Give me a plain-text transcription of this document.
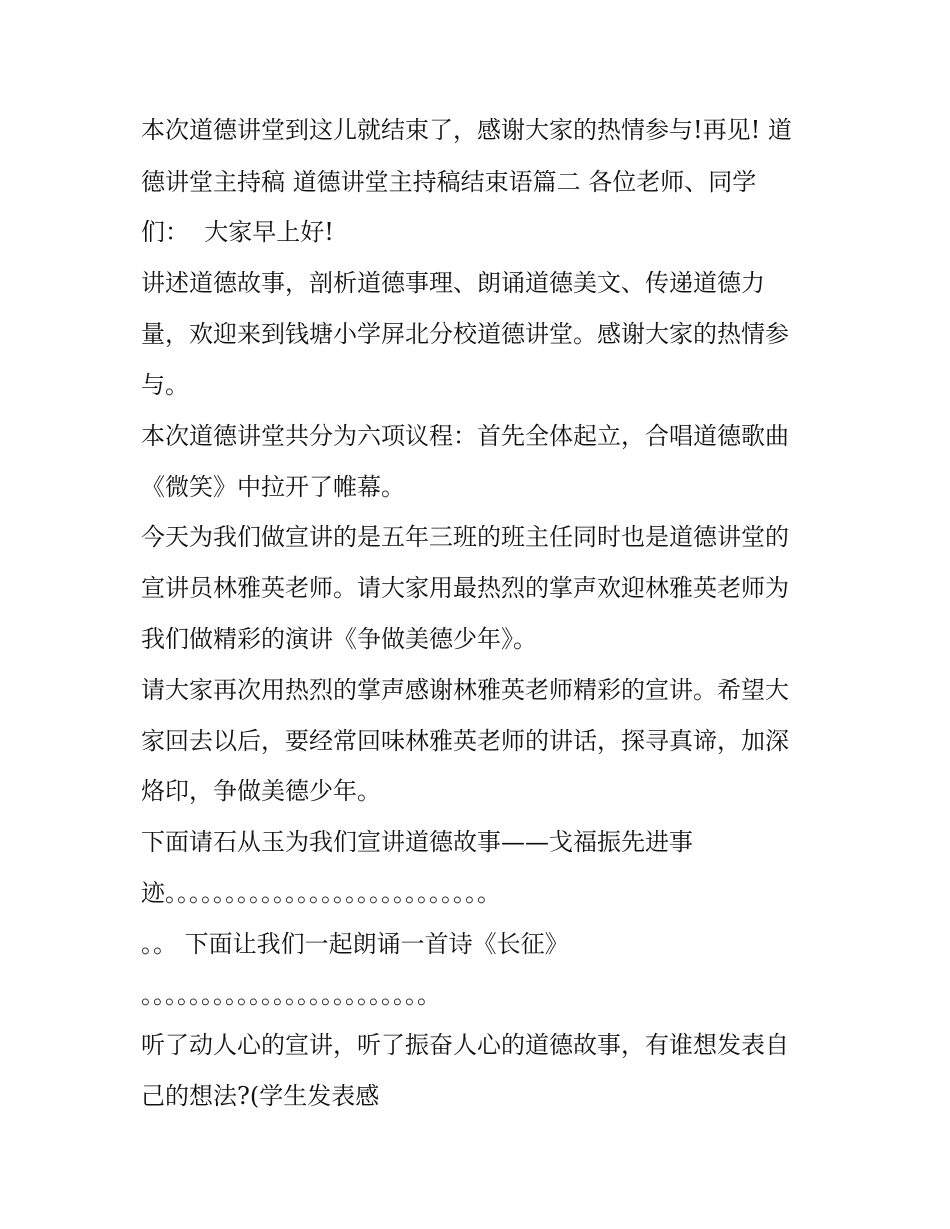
本次道德讲堂到这儿就结束了，感谢大家的热情参与!再见! 道
德讲堂主持稿 道德讲堂主持稿结束语篇二 各位老师、同学
们：  大家早上好!
讲述道德故事，剖析道德事理、朗诵道德美文、传递道德力
量，欢迎来到钱塘小学屏北分校道德讲堂。感谢大家的热情参
与。
本次道德讲堂共分为六项议程：首先全体起立，合唱道德歌曲
《微笑》中拉开了帷幕。
今天为我们做宣讲的是五年三班的班主任同时也是道德讲堂的
宣讲员林雅英老师。请大家用最热烈的掌声欢迎林雅英老师为
我们做精彩的演讲《争做美德少年》。
请大家再次用热烈的掌声感谢林雅英老师精彩的宣讲。希望大
家回去以后，要经常回味林雅英老师的讲话，探寻真谛，加深
烙印，争做美德少年。
下面请石从玉为我们宣讲道德故事——戈福振先进事
迹。。。。。。。。。。。。。。。。。。。。。。。。。。。
。。 下面让我们一起朗诵一首诗《长征》
。。。。。。。。。。。。。。。。。。。。。。。。
听了动人心的宣讲，听了振奋人心的道德故事，有谁想发表自
己的想法?(学生发表感
